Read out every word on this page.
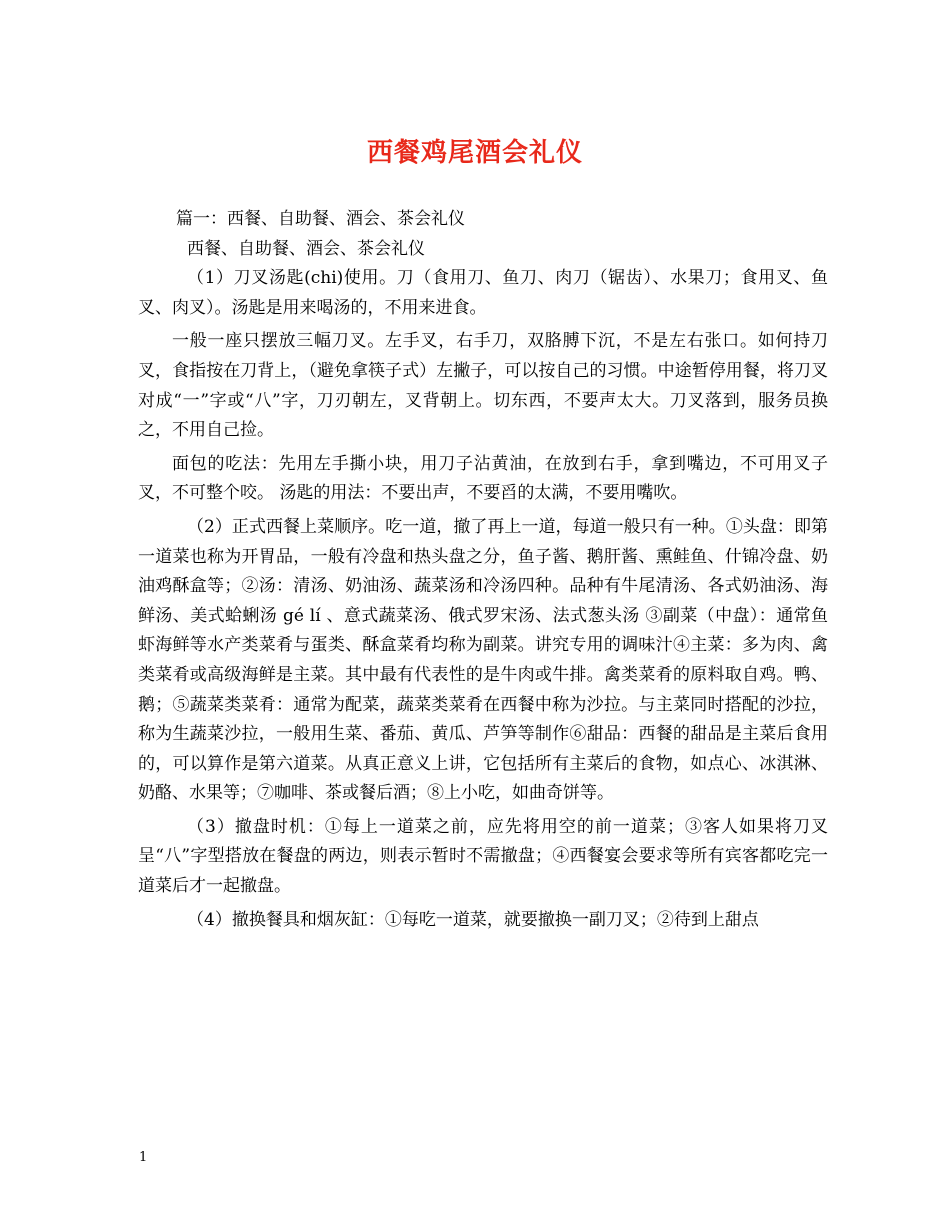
西餐鸡尾酒会礼仪

篇一：西餐、自助餐、酒会、茶会礼仪

西餐、自助餐、酒会、茶会礼仪

（1）刀叉汤匙(chi)使用。刀（食用刀、鱼刀、肉刀（锯齿）、水果刀；食用叉、鱼叉、肉叉）。汤匙是用来喝汤的，不用来进食。

一般一座只摆放三幅刀叉。左手叉，右手刀，双胳膊下沉，不是左右张口。如何持刀叉，食指按在刀背上，（避免拿筷子式）左撇子，可以按自己的习惯。中途暂停用餐，将刀叉对成“一”字或“八”字，刀刃朝左，叉背朝上。切东西，不要声太大。刀叉落到，服务员换之，不用自己捡。

面包的吃法：先用左手撕小块，用刀子沾黄油，在放到右手，拿到嘴边，不可用叉子叉，不可整个咬。 汤匙的用法：不要出声，不要舀的太满，不要用嘴吹。

（2）正式西餐上菜顺序。吃一道，撤了再上一道，每道一般只有一种。①头盘：即第一道菜也称为开胃品，一般有冷盘和热头盘之分，鱼子酱、鹅肝酱、熏鲑鱼、什锦冷盘、奶油鸡酥盒等；②汤：清汤、奶油汤、蔬菜汤和冷汤四种。品种有牛尾清汤、各式奶油汤、海鲜汤、美式蛤蜊汤 gé lí 、意式蔬菜汤、俄式罗宋汤、法式葱头汤 ③副菜（中盘）：通常鱼虾海鲜等水产类菜肴与蛋类、酥盒菜肴均称为副菜。讲究专用的调味汁④主菜：多为肉、禽类菜肴或高级海鲜是主菜。其中最有代表性的是牛肉或牛排。禽类菜肴的原料取自鸡。鸭、鹅；⑤蔬菜类菜肴：通常为配菜，蔬菜类菜肴在西餐中称为沙拉。与主菜同时搭配的沙拉，称为生蔬菜沙拉，一般用生菜、番茄、黄瓜、芦笋等制作⑥甜品：西餐的甜品是主菜后食用的，可以算作是第六道菜。从真正意义上讲，它包括所有主菜后的食物，如点心、冰淇淋、奶酪、水果等；⑦咖啡、茶或餐后酒；⑧上小吃，如曲奇饼等。

（3）撤盘时机：①每上一道菜之前，应先将用空的前一道菜；③客人如果将刀叉呈“八”字型搭放在餐盘的两边，则表示暂时不需撤盘；④西餐宴会要求等所有宾客都吃完一道菜后才一起撤盘。

（4）撤换餐具和烟灰缸：①每吃一道菜，就要撤换一副刀叉；②待到上甜点

1
